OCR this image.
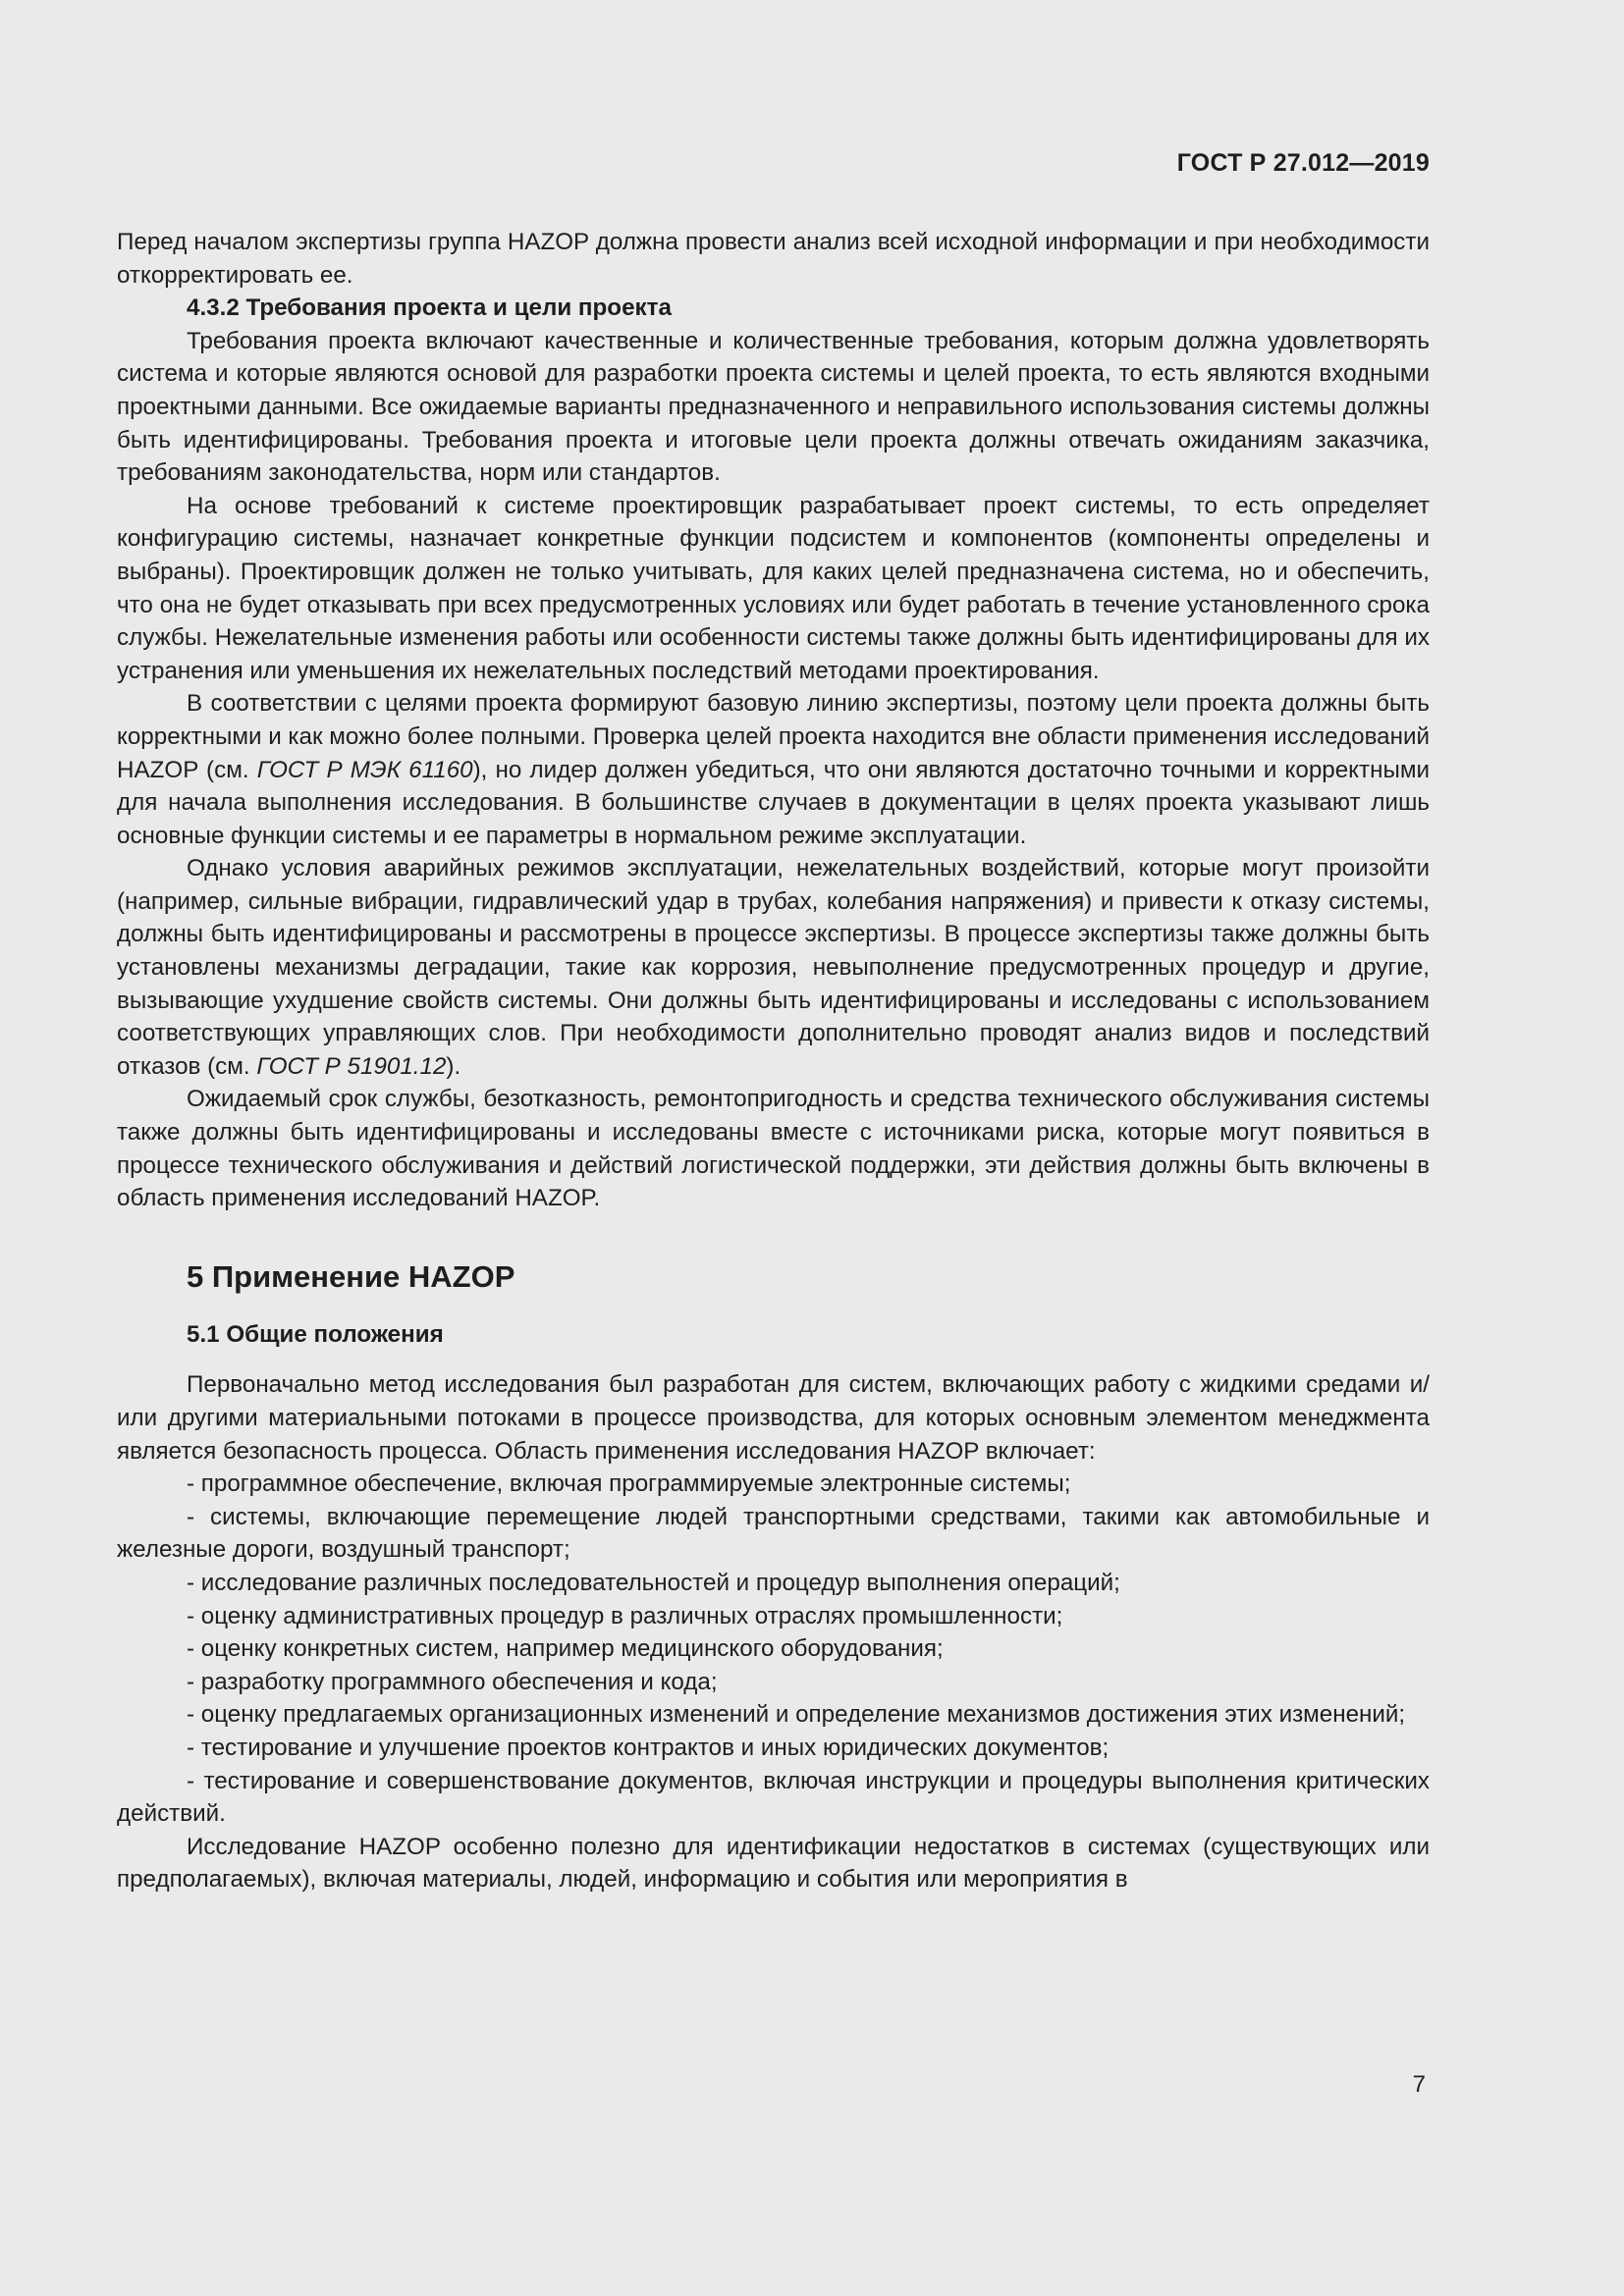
ГОСТ Р 27.012—2019

Перед началом экспертизы группа HAZOP должна провести анализ всей исходной информации и при необходимости откорректировать ее.

4.3.2 Требования проекта и цели проекта

Требования проекта включают качественные и количественные требования, которым должна удовлетворять система и которые являются основой для разработки проекта системы и целей проекта, то есть являются входными проектными данными. Все ожидаемые варианты предназначенного и неправильного использования системы должны быть идентифицированы. Требования проекта и итоговые цели проекта должны отвечать ожиданиям заказчика, требованиям законодательства, норм или стандартов.

На основе требований к системе проектировщик разрабатывает проект системы, то есть определяет конфигурацию системы, назначает конкретные функции подсистем и компонентов (компоненты определены и выбраны). Проектировщик должен не только учитывать, для каких целей предназначена система, но и обеспечить, что она не будет отказывать при всех предусмотренных условиях или будет работать в течение установленного срока службы. Нежелательные изменения работы или особенности системы также должны быть идентифицированы для их устранения или уменьшения их нежелательных последствий методами проектирования.

В соответствии с целями проекта формируют базовую линию экспертизы, поэтому цели проекта должны быть корректными и как можно более полными. Проверка целей проекта находится вне области применения исследований HAZOP (см. ГОСТ Р МЭК 61160), но лидер должен убедиться, что они являются достаточно точными и корректными для начала выполнения исследования. В большинстве случаев в документации в целях проекта указывают лишь основные функции системы и ее параметры в нормальном режиме эксплуатации.

Однако условия аварийных режимов эксплуатации, нежелательных воздействий, которые могут произойти (например, сильные вибрации, гидравлический удар в трубах, колебания напряжения) и привести к отказу системы, должны быть идентифицированы и рассмотрены в процессе экспертизы. В процессе экспертизы также должны быть установлены механизмы деградации, такие как коррозия, невыполнение предусмотренных процедур и другие, вызывающие ухудшение свойств системы. Они должны быть идентифицированы и исследованы с использованием соответствующих управляющих слов. При необходимости дополнительно проводят анализ видов и последствий отказов (см. ГОСТ Р 51901.12).

Ожидаемый срок службы, безотказность, ремонтопригодность и средства технического обслуживания системы также должны быть идентифицированы и исследованы вместе с источниками риска, которые могут появиться в процессе технического обслуживания и действий логистической поддержки, эти действия должны быть включены в область применения исследований HAZOP.

5 Применение HAZOP
5.1 Общие положения

Первоначально метод исследования был разработан для систем, включающих работу с жидкими средами и/или другими материальными потоками в процессе производства, для которых основным элементом менеджмента является безопасность процесса. Область применения исследования HAZOP включает:

- программное обеспечение, включая программируемые электронные системы;

- системы, включающие перемещение людей транспортными средствами, такими как автомобильные и железные дороги, воздушный транспорт;

- исследование различных последовательностей и процедур выполнения операций;

- оценку административных процедур в различных отраслях промышленности;

- оценку конкретных систем, например медицинского оборудования;

- разработку программного обеспечения и кода;

- оценку предлагаемых организационных изменений и определение механизмов достижения этих изменений;

- тестирование и улучшение проектов контрактов и иных юридических документов;

- тестирование и совершенствование документов, включая инструкции и процедуры выполнения критических действий.

Исследование HAZOP особенно полезно для идентификации недостатков в системах (существующих или предполагаемых), включая материалы, людей, информацию и события или мероприятия в

7
